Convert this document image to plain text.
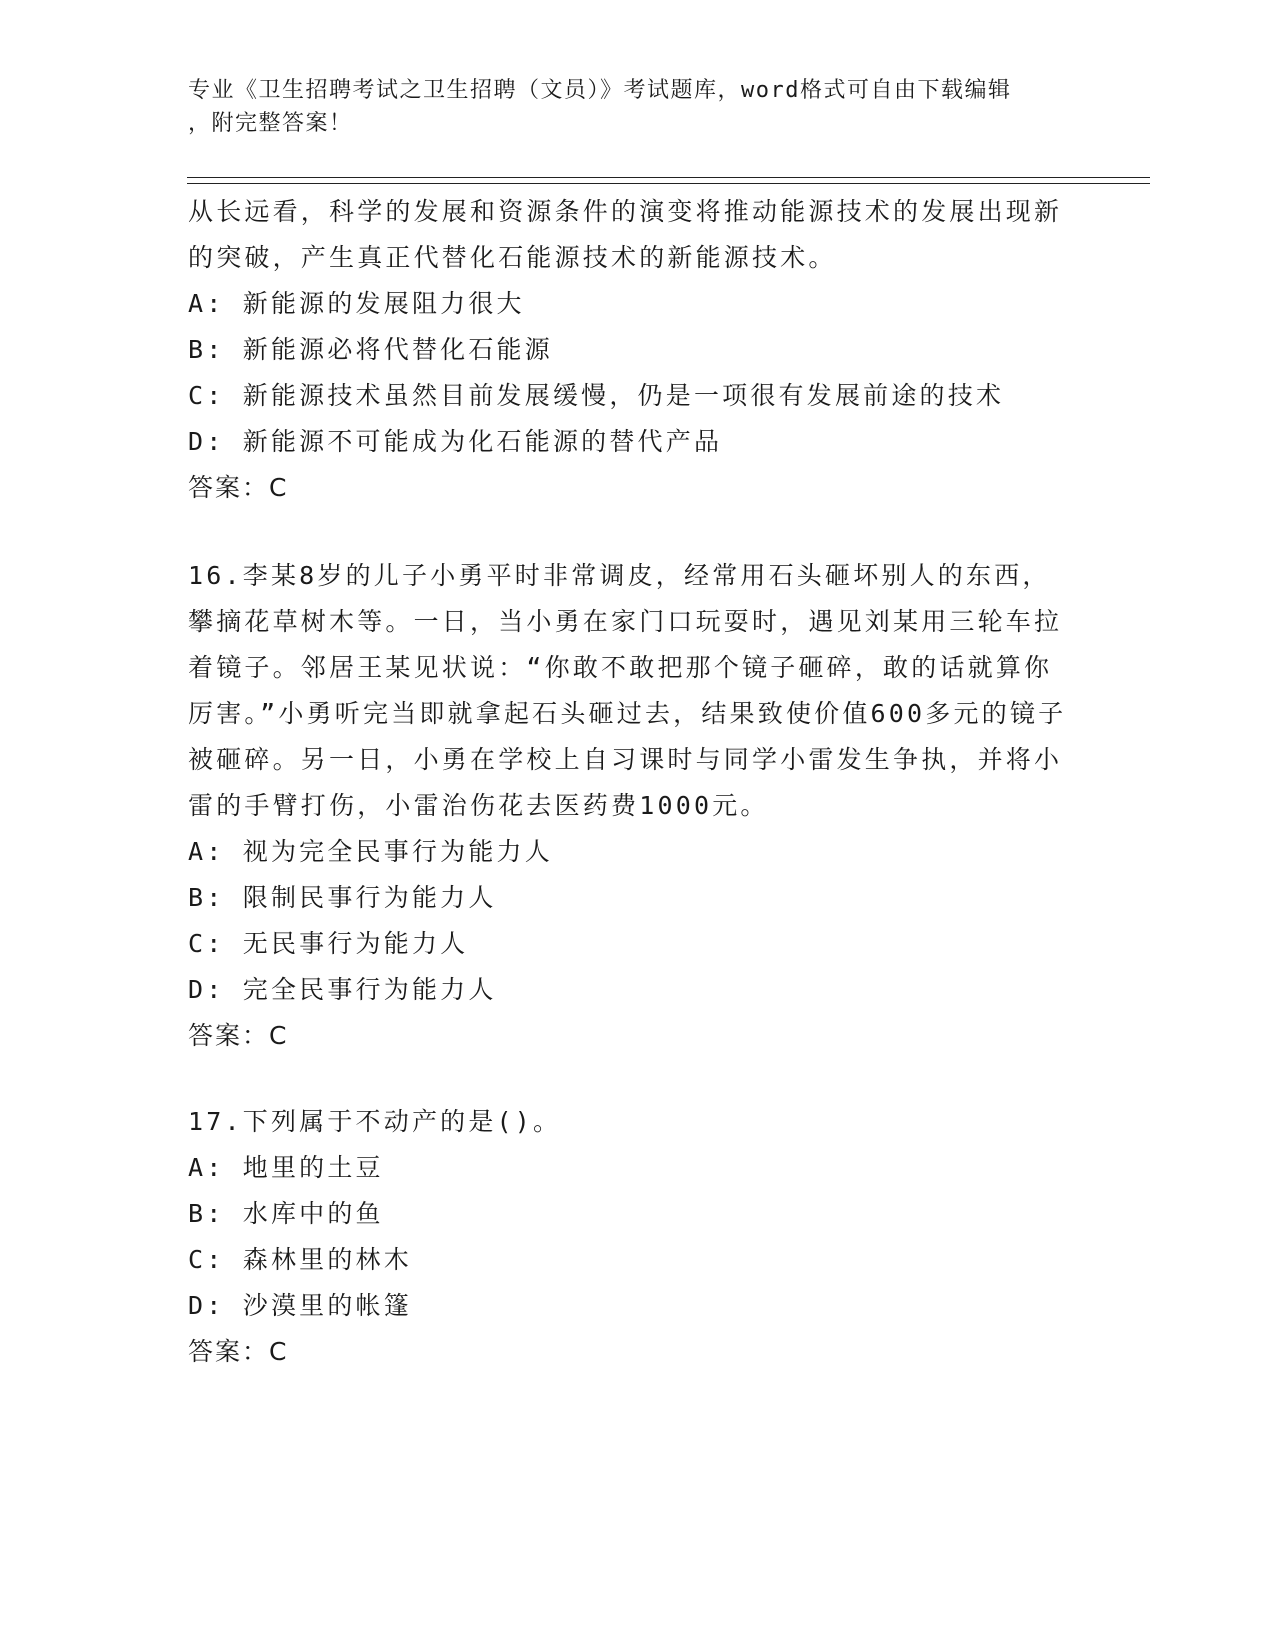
专业《卫生招聘考试之卫生招聘（文员）》考试题库，word格式可自由下载编辑
，附完整答案！
从长远看，科学的发展和资源条件的演变将推动能源技术的发展出现新的突破，产生真正代替化石能源技术的新能源技术。
A: 新能源的发展阻力很大
B: 新能源必将代替化石能源
C: 新能源技术虽然目前发展缓慢，仍是一项很有发展前途的技术
D: 新能源不可能成为化石能源的替代产品
答案：C
16.李某8岁的儿子小勇平时非常调皮，经常用石头砸坏别人的东西，攀摘花草树木等。一日，当小勇在家门口玩耍时，遇见刘某用三轮车拉着镜子。邻居王某见状说：“你敢不敢把那个镜子砸碎，敢的话就算你厉害。”小勇听完当即就拿起石头砸过去，结果致使价值600多元的镜子被砸碎。另一日，小勇在学校上自习课时与同学小雷发生争执，并将小雷的手臂打伤，小雷治伤花去医药费1000元。
A: 视为完全民事行为能力人
B: 限制民事行为能力人
C: 无民事行为能力人
D: 完全民事行为能力人
答案：C
17.下列属于不动产的是()。
A: 地里的土豆
B: 水库中的鱼
C: 森林里的林木
D: 沙漠里的帐篷
答案：C
